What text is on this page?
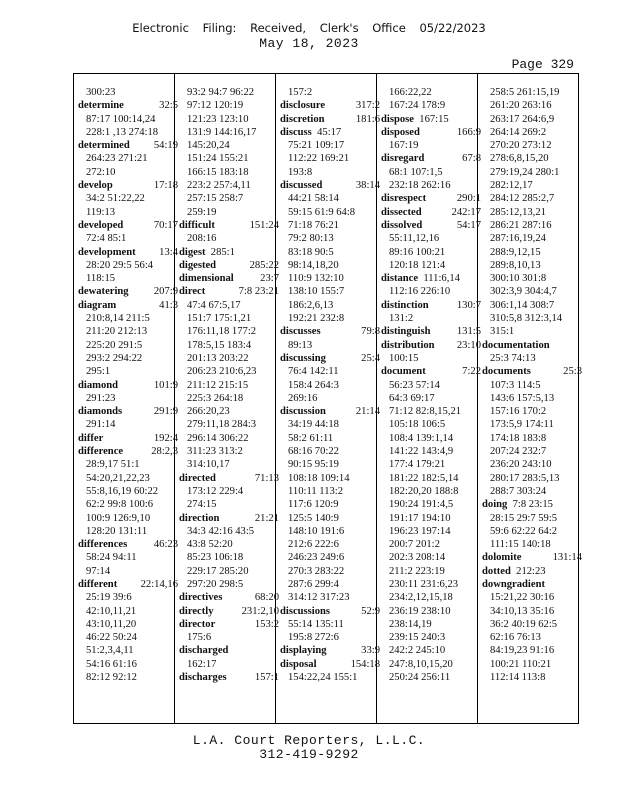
Electronic Filing: Received, Clerk's Office 05/22/2023
May 18, 2023
Page 329
300:23
determine	32:5
87:17 100:14,24
228:1 ,13 274:18
determined 54:19
264:23 271:21
272:10
develop	17:18
34:2 51:22,22
119:13
developed	70:17
72:4 85:1
development 13:4
28:20 29:5 56:4
118:15
dewatering 207:9
diagram	41:3
210:8,14 211:5
211:20 212:13
225:20 291:5
293:2 294:22
295:1
diamond	101:9
291:23
diamonds	291:9
291:14
differ	192:4
difference	28:2,3
28:9,17 51:1
54:20,21,22,23
55:8,16,19 60:22
62:2 99:8 100:6
100:9 126:9,10
128:20 131:11
differences	46:23
58:24 94:11
97:14
different 22:14,16
25:19 39:6
42:10,11,21
43:10,11,20
46:22 50:24
51:2,3,4,11
54:16 61:16
82:12 92:12
93:2 94:7 96:22
97:12 120:19
121:23 123:10
131:9 144:16,17
145:20,24
151:24 155:21
166:15 183:18
223:2 257:4,11
257:15 258:7
259:19
difficult	151:24
208:16
digest 285:1
digested	285:22
dimensional 23:7
direct	7:8 23:21
47:4 67:5,17
151:7 175:1,21
176:11,18 177:2
178:5,15 183:4
201:13 203:22
206:23 210:6,23
211:12 215:15
225:3 264:18
266:20,23
279:11,18 284:3
296:14 306:22
311:23 313:2
314:10,17
directed	71:13
173:12 229:4
274:15
direction	21:21
34:3 42:16 43:5
43:8 52:20
85:23 106:18
229:17 285:20
297:20 298:5
directives	68:20
directly	231:2,10
director	153:2
175:6
discharged
162:17
discharges	157:1
157:2
disclosure	317:2
discretion	181:6
discuss 45:17
75:21 109:17
112:22 169:21
193:8
discussed	38:14
44:21 58:14
59:15 61:9 64:8
71:18 76:21
79:2 80:13
83:18 90:5
98:14,18,20
110:9 132:10
138:10 155:7
186:2,6,13
192:21 232:8
discusses	79:8
89:13
discussing	25:4
76:4 142:11
158:4 264:3
269:16
discussion	21:14
34:19 44:18
58:2 61:11
68:16 70:22
90:15 95:19
108:18 109:14
110:11 113:2
117:6 120:9
125:5 140:9
148:10 191:6
212:6 222:6
246:23 249:6
270:3 283:22
287:6 299:4
314:12 317:23
discussions	52:9
55:14 135:11
195:8 272:6
displaying	33:9
disposal	154:18
154:22,24 155:1
166:22,22
167:24 178:9
dispose 167:15
disposed	166:9
167:19
disregard	67:8
68:1 107:1,5
232:18 262:16
disrespect	290:1
dissected	242:17
dissolved	54:17
55:11,12,16
89:16 100:21
120:18 121:4
distance 111:6,14
112:16 226:10
distinction	130:7
131:2
distinguish 131:5
distribution 23:10
100:15
document	7:22
56:23 57:14
64:3 69:17
71:12 82:8,15,21
105:18 106:5
108:4 139:1,14
141:22 143:4,9
177:4 179:21
181:22 182:5,14
182:20,20 188:8
190:24 191:4,5
191:17 194:10
196:23 197:14
200:7 201:2
202:3 208:14
211:2 223:19
230:11 231:6,23
234:2,12,15,18
236:19 238:10
238:14,19
239:15 240:3
242:2 245:10
247:8,10,15,20
250:24 256:11
258:5 261:15,19
261:20 263:16
263:17 264:6,9
264:14 269:2
270:20 273:12
278:6,8,15,20
279:19,24 280:1
282:12,17
284:12 285:2,7
285:12,13,21
286:21 287:16
287:16,19,24
288:9,12,15
289:8,10,13
300:10 301:8
302:3,9 304:4,7
306:1,14 308:7
310:5,8 312:3,14
315:1
documentation
25:3 74:13
documents	25:3
107:3 114:5
143:6 157:5,13
157:16 170:2
173:5,9 174:11
174:18 183:8
207:24 232:7
236:20 243:10
280:17 283:5,13
288:7 303:24
doing 7:8 23:15
28:15 29:7 59:5
59:6 62:22 64:2
111:15 140:18
dolomite	131:14
dotted 212:23
downgradient
15:21,22 30:16
34:10,13 35:16
36:2 40:19 62:5
62:16 76:13
84:19,23 91:16
100:21 110:21
112:14 113:8
L.A. Court Reporters, L.L.C.
312-419-9292
